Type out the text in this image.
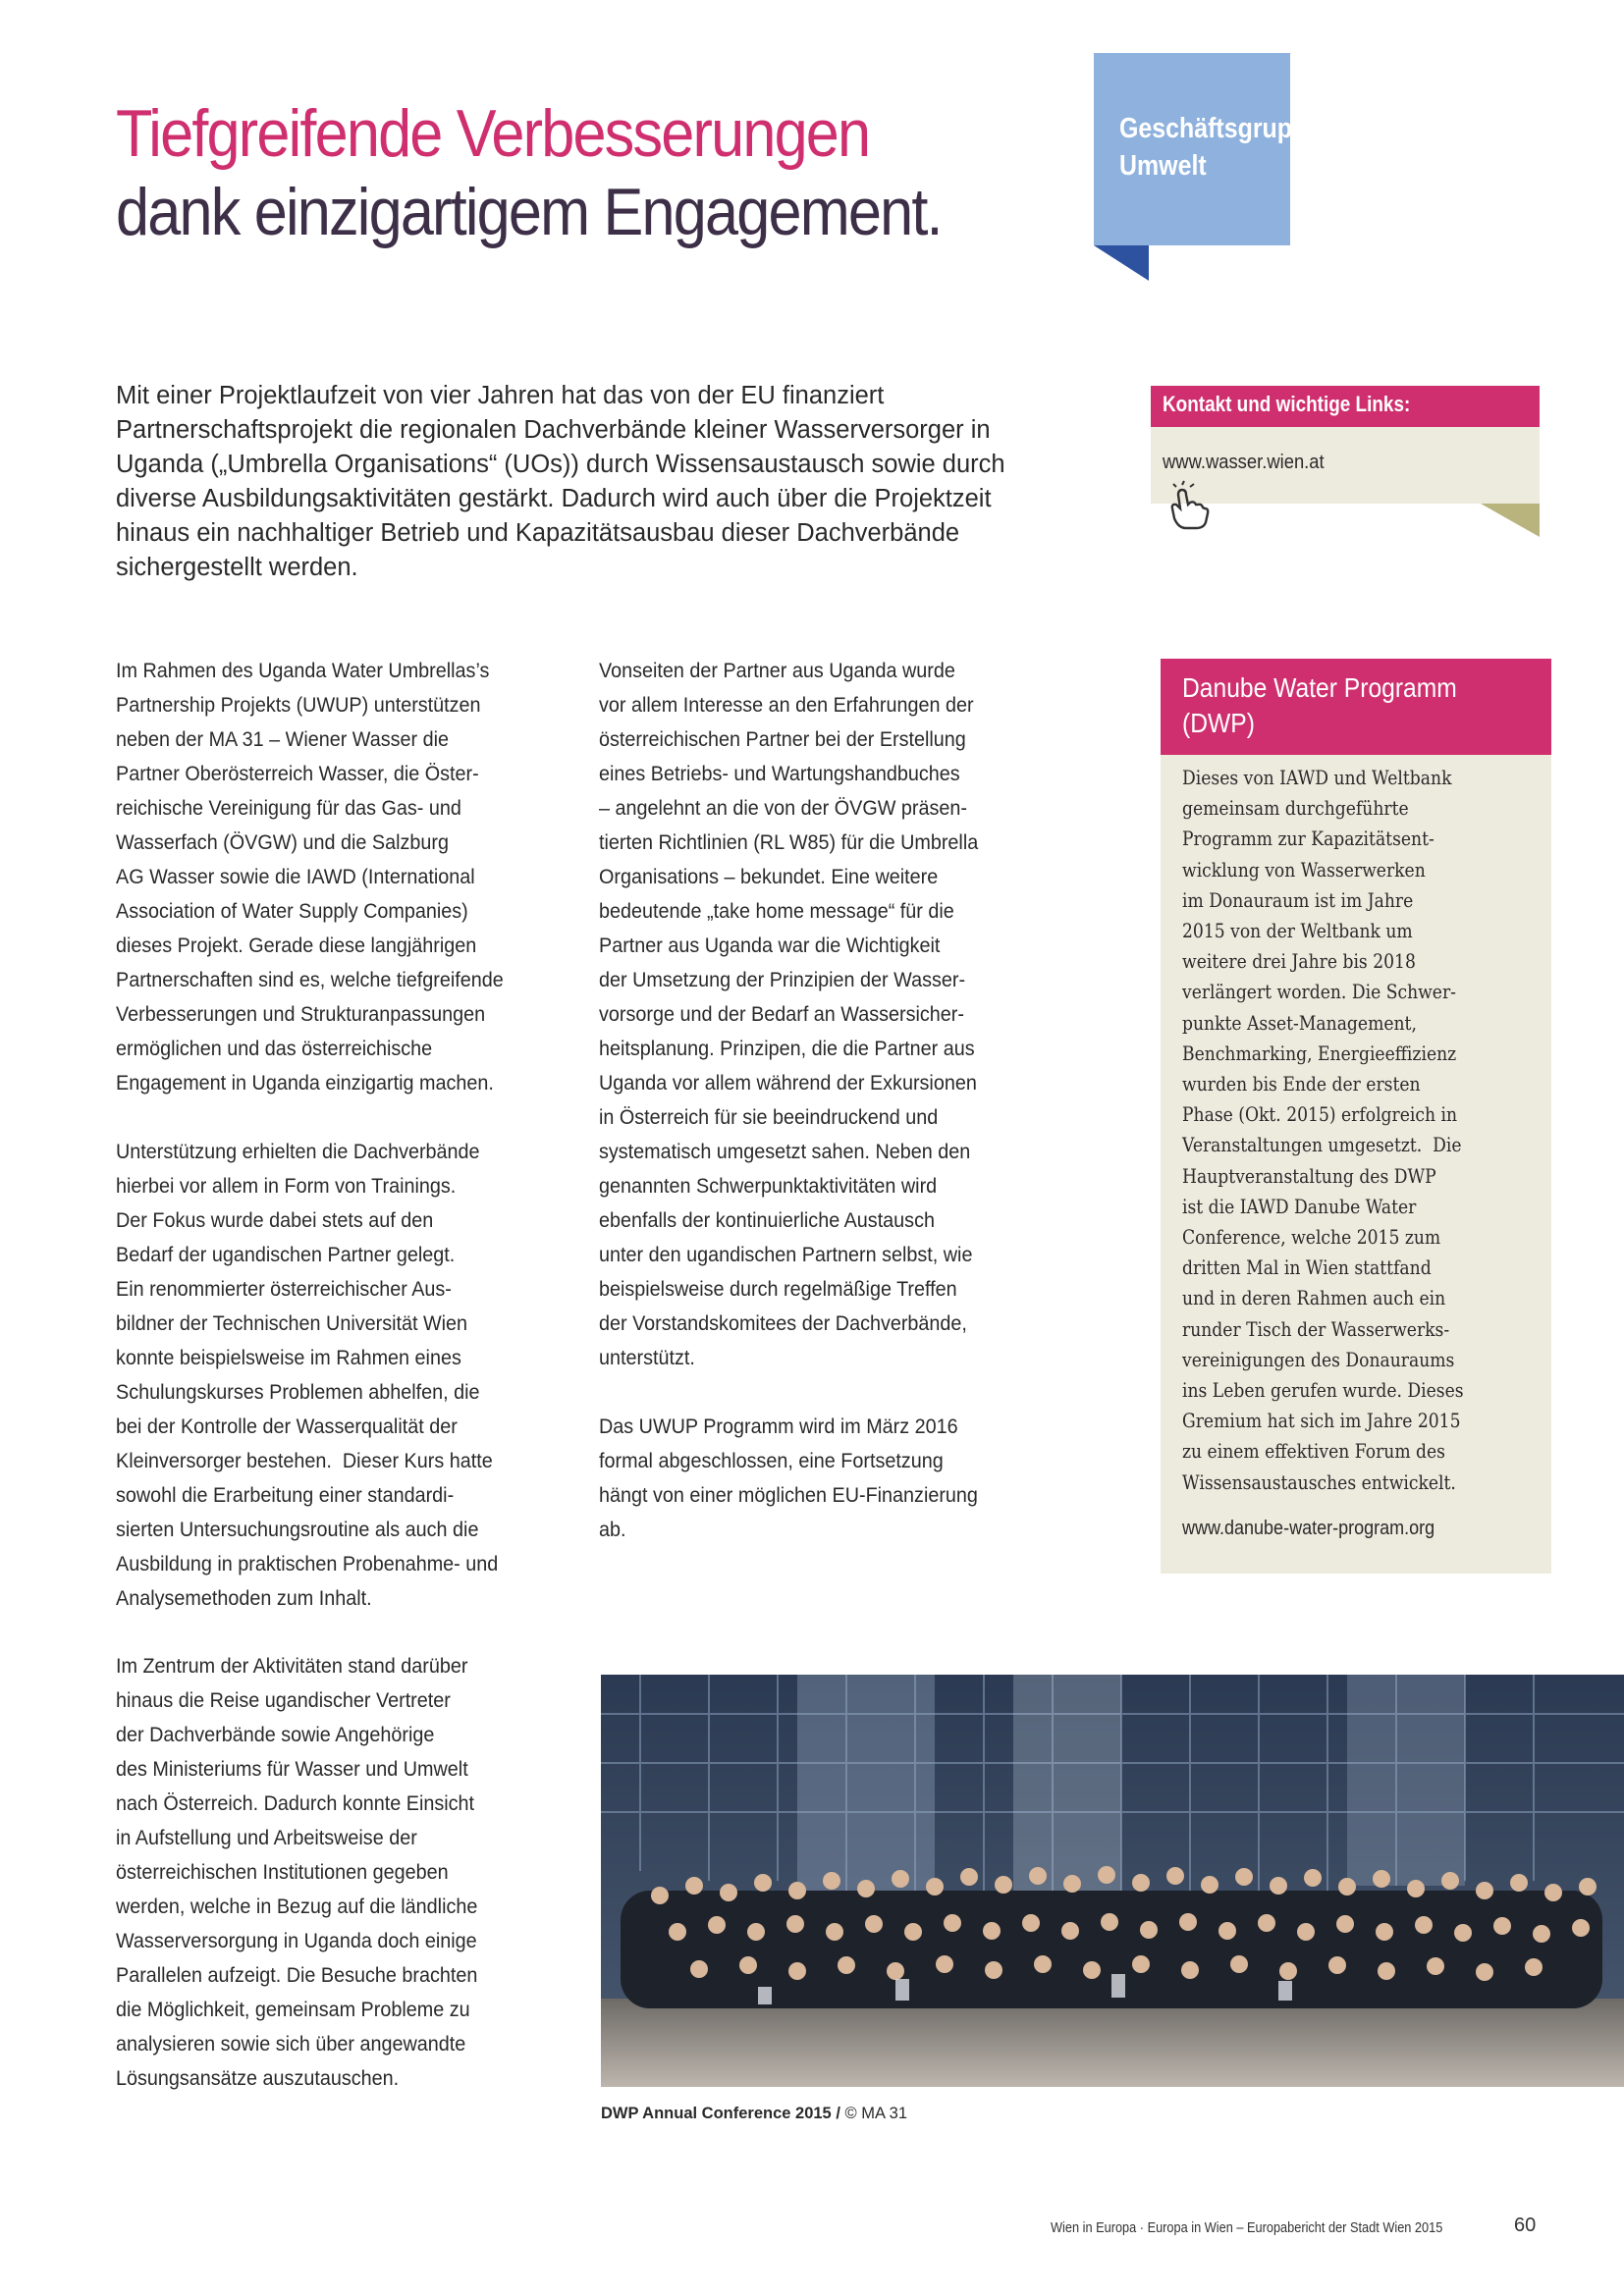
Tiefgreifende Verbesserungen
dank einzigartigem Engagement.
Geschäftsgruppe
Umwelt
Mit einer Projektlaufzeit von vier Jahren hat das von der EU finanziert Partnerschaftsprojekt die regionalen Dachverbände kleiner Wasserversorger in Uganda („Umbrella Organisations“ (UOs)) durch Wissensaustausch sowie durch diverse Ausbildungsaktivitäten gestärkt. Dadurch wird auch über die Projektzeit hinaus ein nachhaltiger Betrieb und Kapazitätsausbau dieser Dachverbände sichergestellt werden.
Kontakt und wichtige Links:
www.wasser.wien.at
Danube Water Programm
(DWP)
Dieses von IAWD und Weltbank
gemeinsam durchgeführte
Programm zur Kapazitätsent-
wicklung von Wasserwerken
im Donauraum ist im Jahre
2015 von der Weltbank um
weitere drei Jahre bis 2018
verlängert worden. Die Schwer-
punkte Asset-Management,
Benchmarking, Energieeffizienz
wurden bis Ende der ersten
Phase (Okt. 2015) erfolgreich in
Veranstaltungen umgesetzt.  Die
Hauptveranstaltung des DWP
ist die IAWD Danube Water
Conference, welche 2015 zum
dritten Mal in Wien stattfand
und in deren Rahmen auch ein
runder Tisch der Wasserwerks-
vereinigungen des Donauraums
ins Leben gerufen wurde. Dieses
Gremium hat sich im Jahre 2015
zu einem effektiven Forum des
Wissensaustausches entwickelt.
www.danube-water-program.org
Im Rahmen des Uganda Water Umbrellas’s
Partnership Projekts (UWUP) unterstützen
neben der MA 31 – Wiener Wasser die
Partner Oberösterreich Wasser, die Öster-
reichische Vereinigung für das Gas- und
Wasserfach (ÖVGW) und die Salzburg
AG Wasser sowie die IAWD (International
Association of Water Supply Companies)
dieses Projekt. Gerade diese langjährigen
Partnerschaften sind es, welche tiefgreifende
Verbesserungen und Strukturanpassungen
ermöglichen und das österreichische
Engagement in Uganda einzigartig machen.
Unterstützung erhielten die Dachverbände
hierbei vor allem in Form von Trainings.
Der Fokus wurde dabei stets auf den
Bedarf der ugandischen Partner gelegt.
Ein renommierter österreichischer Aus-
bildner der Technischen Universität Wien
konnte beispielsweise im Rahmen eines
Schulungskurses Problemen abhelfen, die
bei der Kontrolle der Wasserqualität der
Kleinversorger bestehen.  Dieser Kurs hatte
sowohl die Erarbeitung einer standardi-
sierten Untersuchungsroutine als auch die
Ausbildung in praktischen Probenahme- und
Analysemethoden zum Inhalt.
Im Zentrum der Aktivitäten stand darüber
hinaus die Reise ugandischer Vertreter
der Dachverbände sowie Angehörige
des Ministeriums für Wasser und Umwelt
nach Österreich. Dadurch konnte Einsicht
in Aufstellung und Arbeitsweise der
österreichischen Institutionen gegeben
werden, welche in Bezug auf die ländliche
Wasserversorgung in Uganda doch einige
Parallelen aufzeigt. Die Besuche brachten
die Möglichkeit, gemeinsam Probleme zu
analysieren sowie sich über angewandte
Lösungsansätze auszutauschen.
Vonseiten der Partner aus Uganda wurde
vor allem Interesse an den Erfahrungen der
österreichischen Partner bei der Erstellung
eines Betriebs- und Wartungshandbuches
– angelehnt an die von der ÖVGW präsen-
tierten Richtlinien (RL W85) für die Umbrella
Organisations – bekundet. Eine weitere
bedeutende „take home message“ für die
Partner aus Uganda war die Wichtigkeit
der Umsetzung der Prinzipien der Wasser-
vorsorge und der Bedarf an Wassersicher-
heitsplanung. Prinzipen, die die Partner aus
Uganda vor allem während der Exkursionen
in Österreich für sie beeindruckend und
systematisch umgesetzt sahen. Neben den
genannten Schwerpunktaktivitäten wird
ebenfalls der kontinuierliche Austausch
unter den ugandischen Partnern selbst, wie
beispielsweise durch regelmäßige Treffen
der Vorstandskomitees der Dachverbände,
unterstützt.
Das UWUP Programm wird im März 2016
formal abgeschlossen, eine Fortsetzung
hängt von einer möglichen EU-Finanzierung
ab.
DWP Annual Conference 2015 / © MA 31
Wien in Europa · Europa in Wien – Europabericht der Stadt Wien 2015	60
